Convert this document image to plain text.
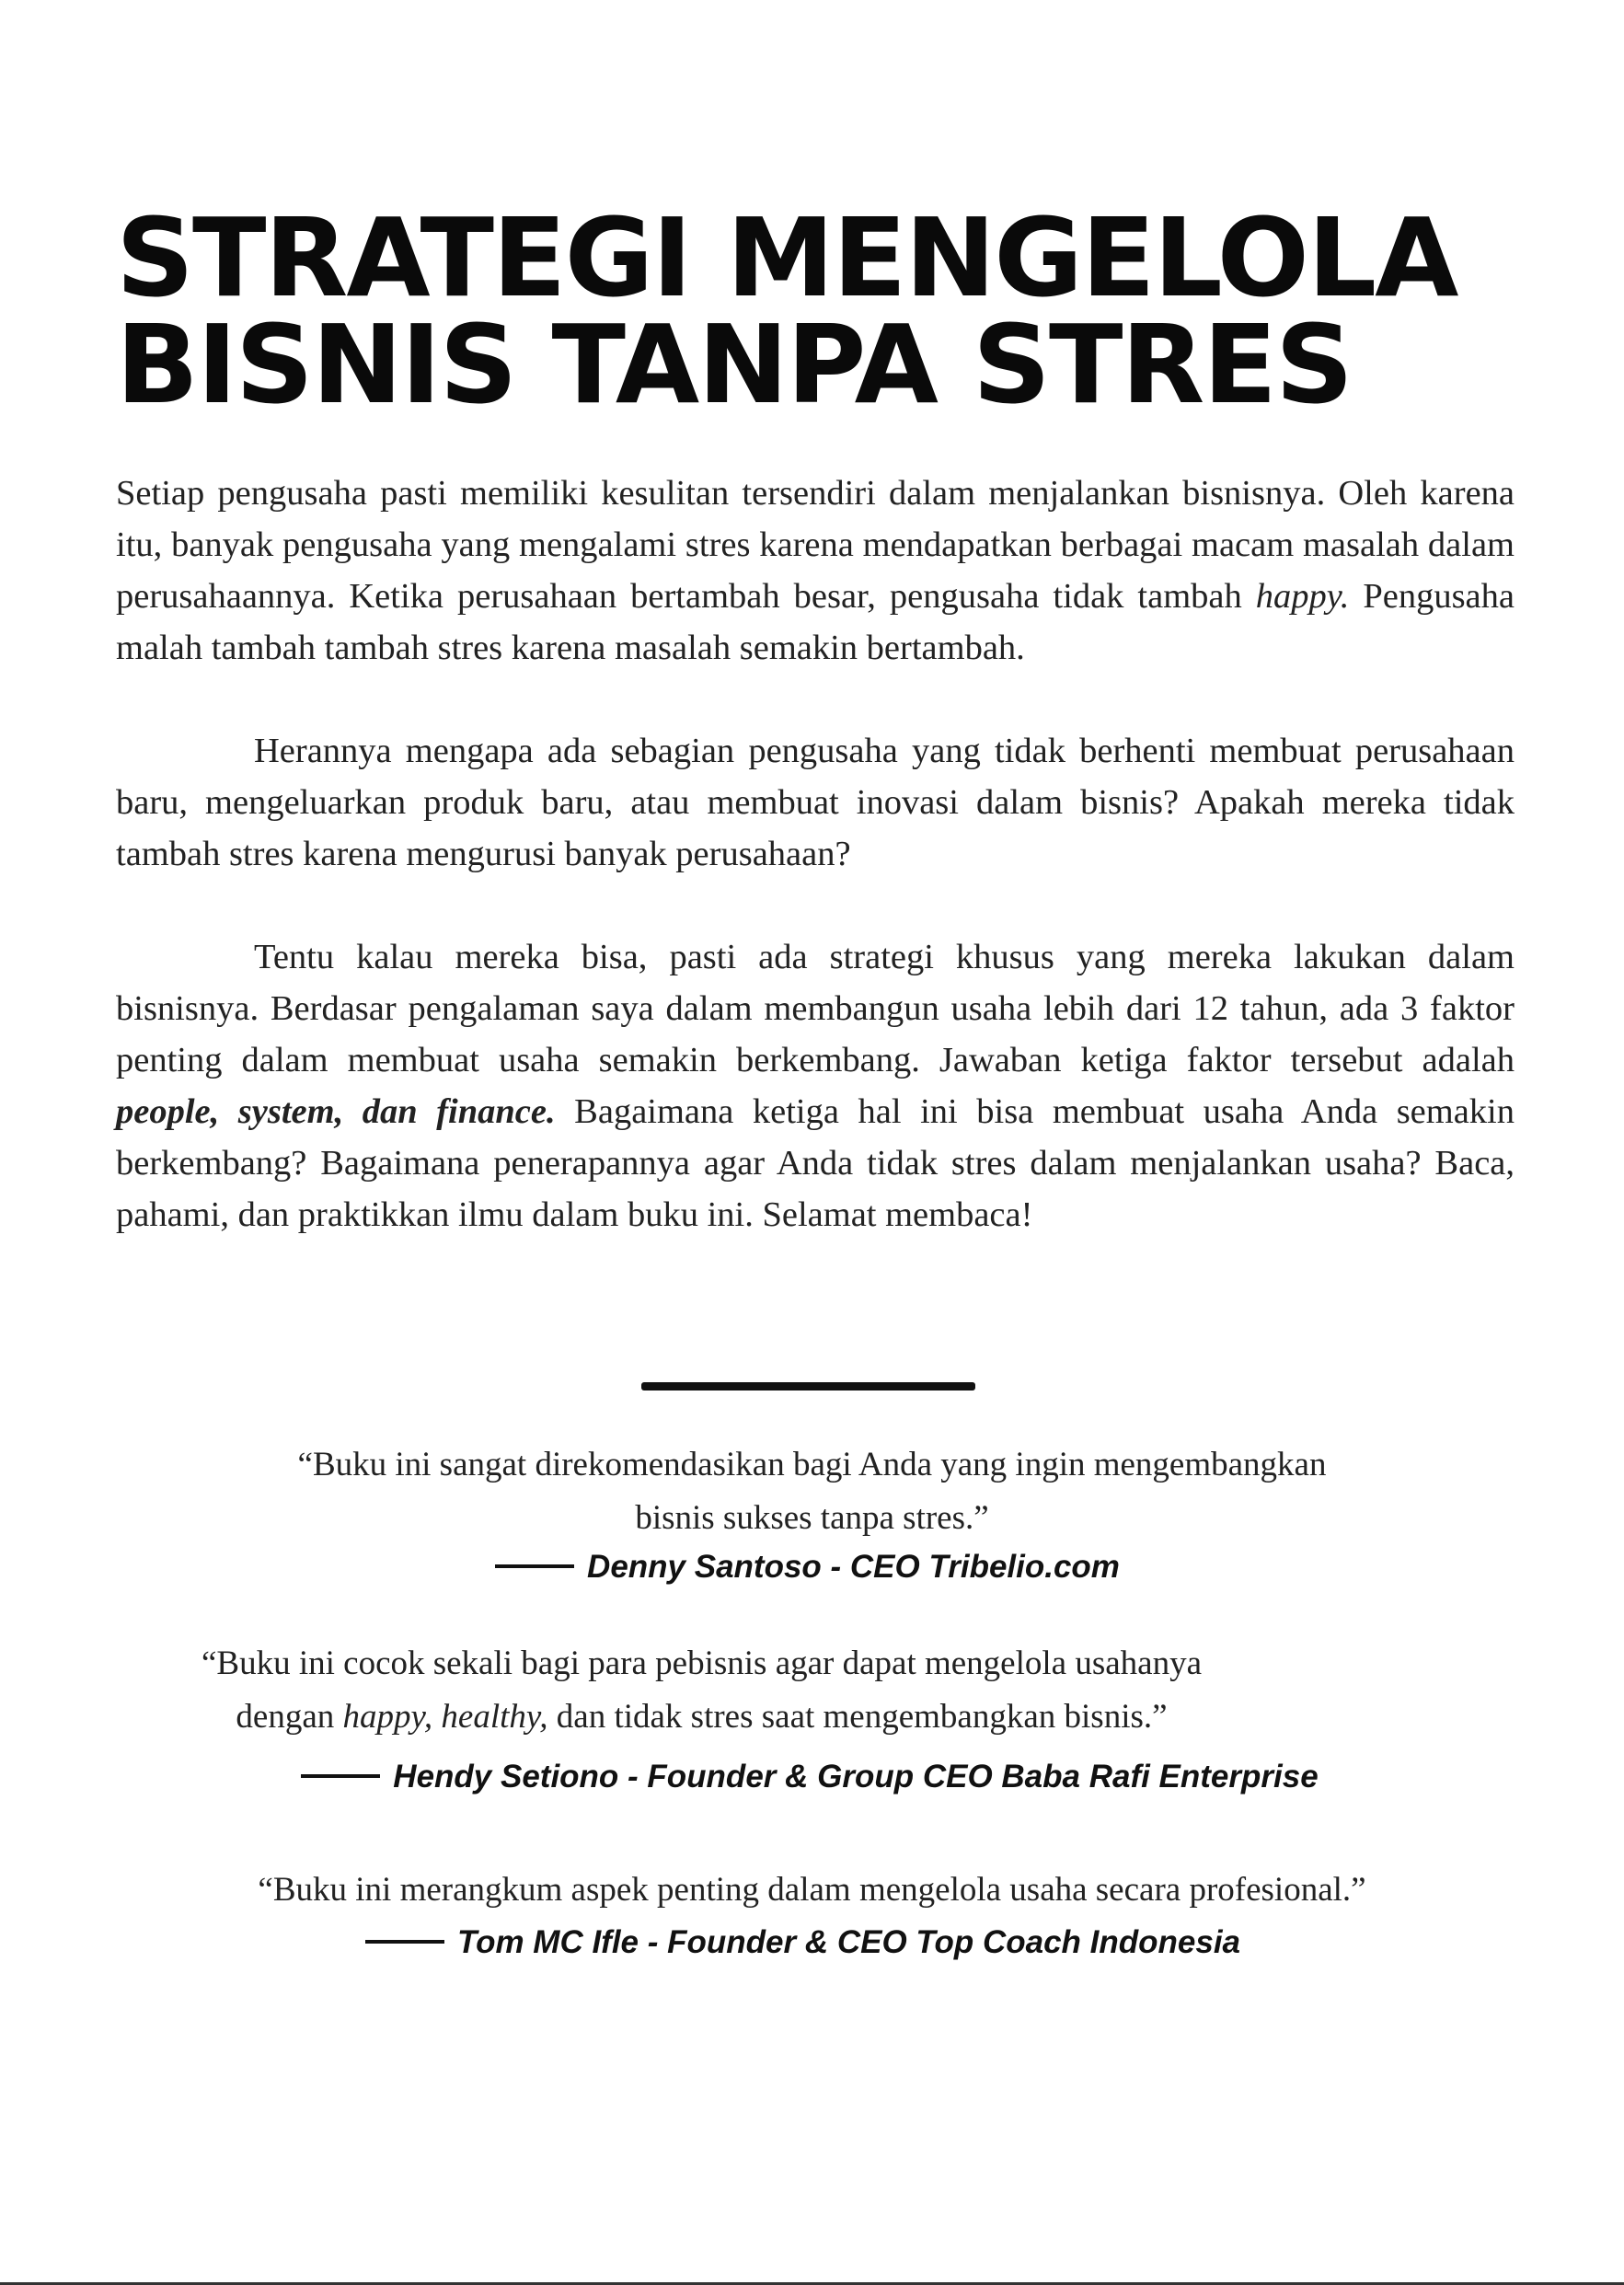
STRATEGI MENGELOLA
BISNIS TANPA STRES

Setiap pengusaha pasti memiliki kesulitan tersendiri dalam menjalankan bisnisnya. Oleh karena itu, banyak pengusaha yang mengalami stres karena mendapatkan berbagai macam masalah dalam perusahaannya. Ketika perusahaan bertambah besar, pengusaha tidak tambah happy. Pengusaha malah tambah tambah stres karena masalah semakin bertambah.

Herannya mengapa ada sebagian pengusaha yang tidak berhenti membuat perusahaan baru, mengeluarkan produk baru, atau membuat inovasi dalam bisnis? Apakah mereka tidak tambah stres karena mengurusi banyak perusahaan?

Tentu kalau mereka bisa, pasti ada strategi khusus yang mereka lakukan dalam bisnisnya. Berdasar pengalaman saya dalam membangun usaha lebih dari 12 tahun, ada 3 faktor penting dalam membuat usaha semakin berkembang. Jawaban ketiga faktor tersebut adalah people, system, dan finance. Bagaimana ketiga hal ini bisa membuat usaha Anda semakin berkembang? Bagaimana penerapannya agar Anda tidak stres dalam menjalankan usaha? Baca, pahami, dan praktikkan ilmu dalam buku ini. Selamat membaca!

“Buku ini sangat direkomendasikan bagi Anda yang ingin mengembangkan
bisnis sukses tanpa stres.”
Denny Santoso - CEO Tribelio.com
“Buku ini cocok sekali bagi para pebisnis agar dapat mengelola usahanya
dengan happy, healthy, dan tidak stres saat mengembangkan bisnis.”
Hendy Setiono - Founder & Group CEO Baba Rafi Enterprise
“Buku ini merangkum aspek penting dalam mengelola usaha secara profesional.”
Tom MC Ifle - Founder & CEO Top Coach Indonesia
